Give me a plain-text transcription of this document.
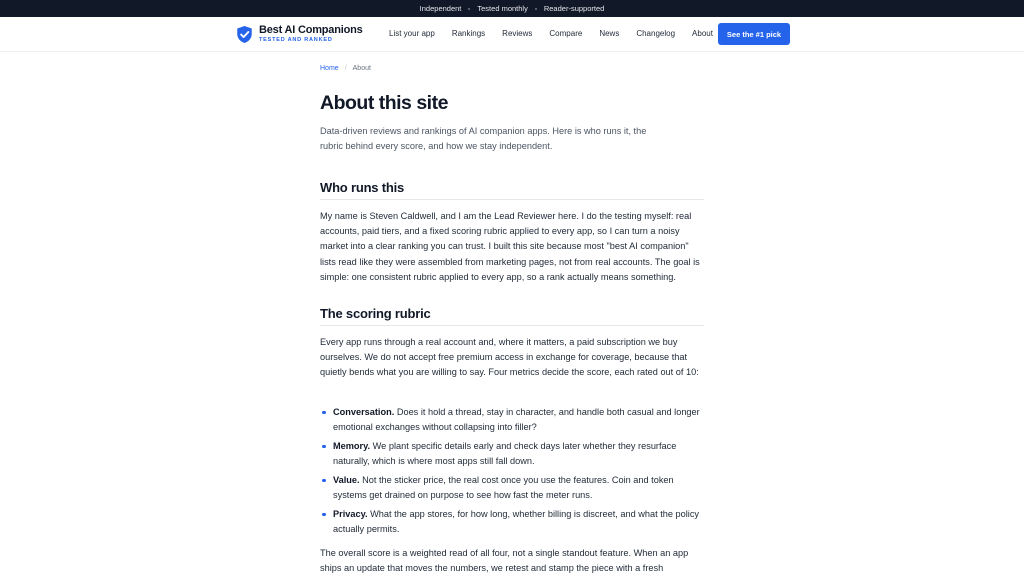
Independent Tested monthly Reader-supported
Best AI Companions
TESTED AND RANKED
List your app Rankings Reviews Compare News Changelog About	See the #1 pick
Home / About
About this site

Data-driven reviews and rankings of AI companion apps. Here is who runs it, the rubric behind every score, and how we stay independent.

Who runs this

My name is Steven Caldwell, and I am the Lead Reviewer here. I do the testing myself: real accounts, paid tiers, and a fixed scoring rubric applied to every app, so I can turn a noisy market into a clear ranking you can trust. I built this site because most "best AI companion" lists read like they were assembled from marketing pages, not from real accounts. The goal is simple: one consistent rubric applied to every app, so a rank actually means something.

The scoring rubric

Every app runs through a real account and, where it matters, a paid subscription we buy ourselves. We do not accept free premium access in exchange for coverage, because that quietly bends what you are willing to say. Four metrics decide the score, each rated out of 10:

Conversation. Does it hold a thread, stay in character, and handle both casual and longer emotional exchanges without collapsing into filler?
Memory. We plant specific details early and check days later whether they resurface naturally, which is where most apps still fall down.
Value. Not the sticker price, the real cost once you use the features. Coin and token systems get drained on purpose to see how fast the meter runs.
Privacy. What the app stores, for how long, whether billing is discreet, and what the policy actually permits.

The overall score is a weighted read of all four, not a single standout feature. When an app ships an update that moves the numbers, we retest and stamp the piece with a fresh
